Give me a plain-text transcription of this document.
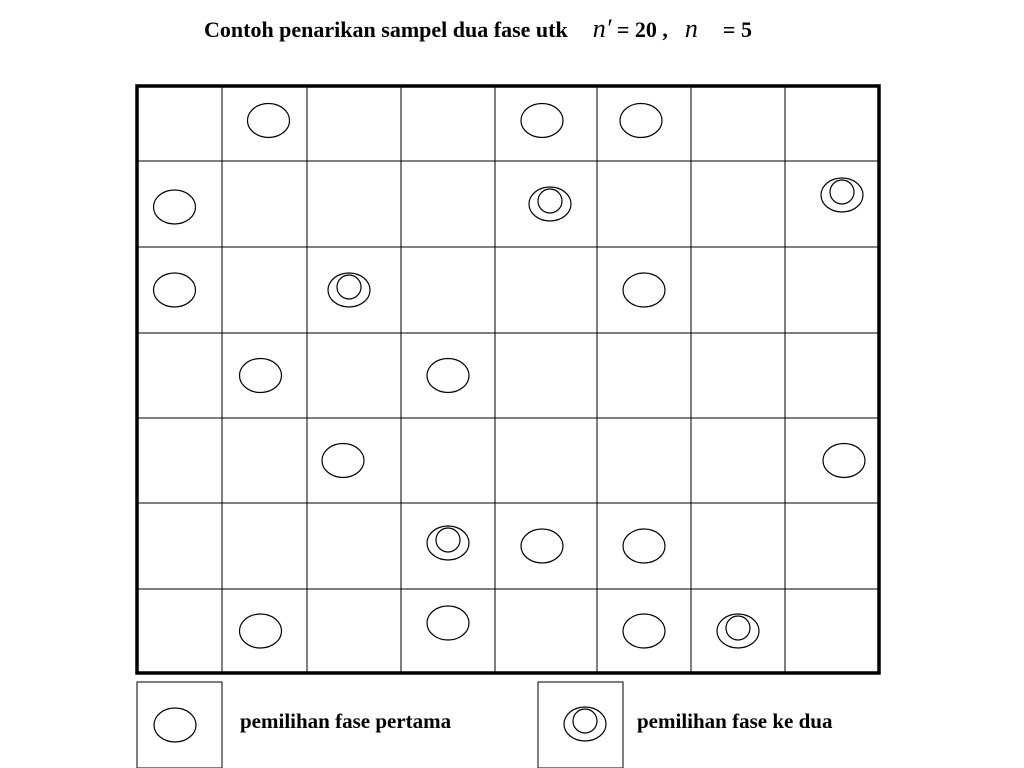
Contoh penarikan sampel dua fase utk n′ = 20 , n = 5
pemilihan fase pertama	pemilihan fase ke dua
